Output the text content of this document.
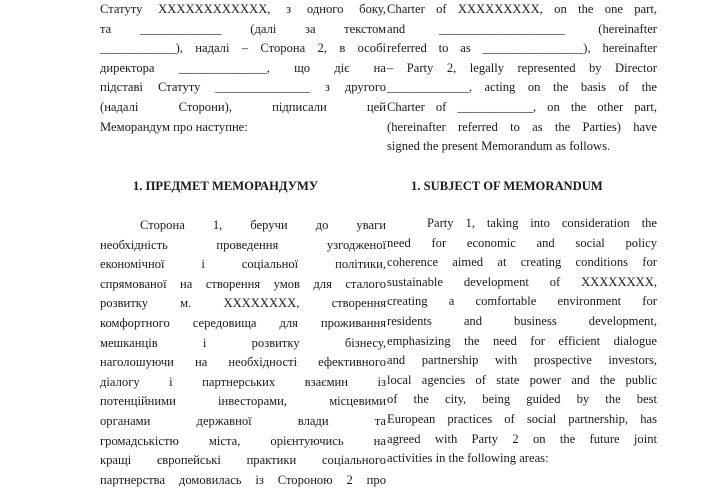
Статуту XXXXXXXXXXXX, з одного боку,
та _____________ (далі за текстом
____________), надалі – Сторона 2, в особі
директора ______________, що діє на
підставі Статуту _______________ з другого
(надалі Сторони), підписали цей
Меморандум про наступне:
Charter of XXXXXXXXX, on the one part,
and ____________________ (hereinafter
referred to as ________________), hereinafter
– Party 2, legally represented by Director
_____________, acting on the basis of the
Charter of ____________, on the other part,
(hereinafter referred to as the Parties) have
signed the present Memorandum as follows.
1. ПРЕДМЕТ МЕМОРАНДУМУ	1. SUBJECT OF MEMORANDUM
Сторона 1, беручи до уваги
необхідність проведення узгодженої
економічної і соціальної політики,
спрямованої на створення умов для сталого
розвитку м. XXXXXXXX, створення
комфортного середовища для проживання
мешканців і розвитку бізнесу,
наголошуючи на необхідності ефективного
діалогу і партнерських взаємин із
потенційними інвесторами, місцевими
органами державної влади та
громадськістю міста, орієнтуючись на
кращі європейські практики соціального
партнерства домовилась із Стороною 2 про
Party 1, taking into consideration the
need for economic and social policy
coherence aimed at creating conditions for
sustainable development of XXXXXXXX,
creating a comfortable environment for
residents and business development,
emphasizing the need for efficient dialogue
and partnership with prospective investors,
local agencies of state power and the public
of the city, being guided by the best
European practices of social partnership, has
agreed with Party 2 on the future joint
activities in the following areas:
